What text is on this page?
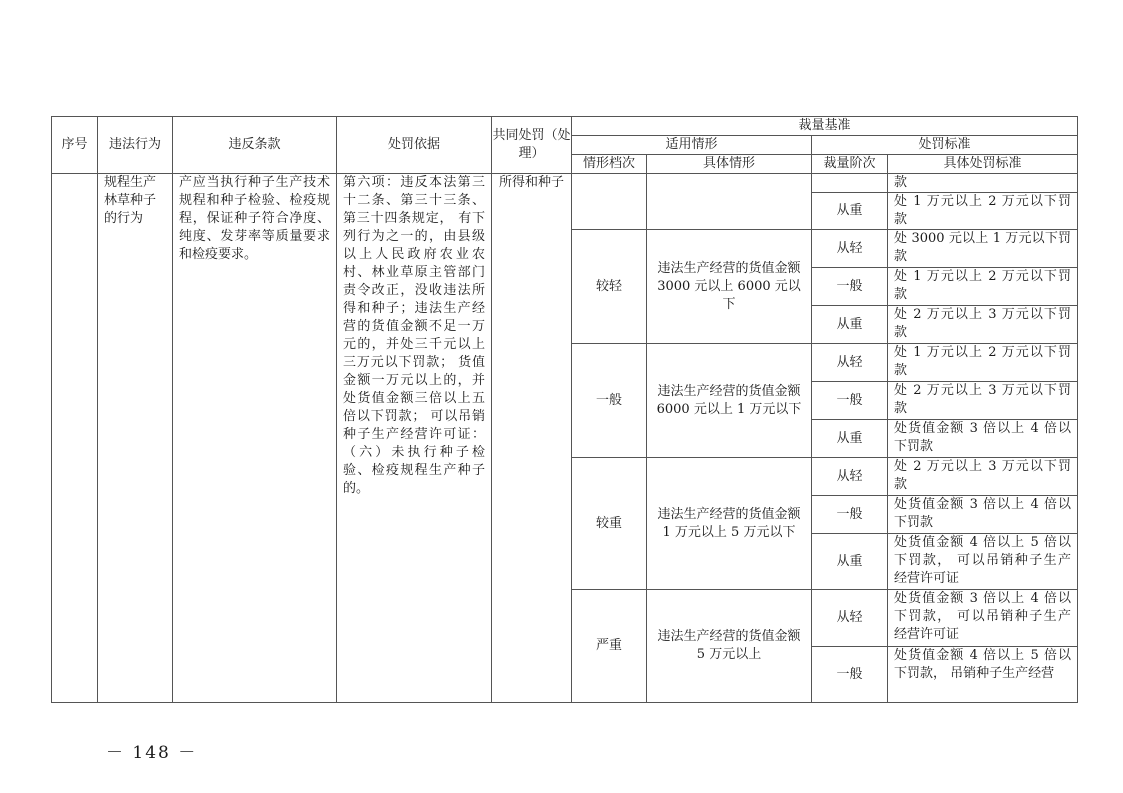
序号	违法行为	违反条款	处罚依据	共同处罚（处理）	裁量基准			
					适用情形		处罚标准	
					情形档次	具体情形	裁量阶次	具体处罚标准
	规程生产林草种子的行为	产应当执行种子生产技术规程和种子检验、检疫规程，保证种子符合净度、纯度、发芽率等质量要求和检疫要求。	第六项：违反本法第三十二条、第三十三条、第三十四条规定， 有下列行为之一的，由县级以上人民政府农业农村、林业草原主管部门责令改正，没收违法所得和种子；违法生产经营的货值金额不足一万元的，并处三千元以上三万元以下罚款； 货值金额一万元以上的，并处货值金额三倍以上五倍以下罚款； 可以吊销种子生产经营许可证：（六）未执行种子检验、检疫规程生产种子的。	所得和种子				款
							从重	处 1 万元以上 2 万元以下罚 款
					较轻	违法生产经营的货值金额 3000 元以上 6000 元以下	从轻	处 3000 元以上 1 万元以下罚 款
							一般	处 1 万元以上 2 万元以下罚 款
							从重	处 2 万元以上 3 万元以下罚 款
					一般	违法生产经营的货值金额 6000 元以上 1 万元以下	从轻	处 1 万元以上 2 万元以下罚 款
							一般	处 2 万元以上 3 万元以下罚 款
							从重	处货值金额 3 倍以上 4 倍以 下罚款
					较重	违法生产经营的货值金额 1 万元以上 5 万元以下	从轻	处 2 万元以上 3 万元以下罚 款
							一般	处货值金额 3 倍以上 4 倍以 下罚款
							从重	处货值金额 4 倍以上 5 倍以 下罚款， 可以吊销种子生产 经营许可证
					严重	违法生产经营的货值金额 5 万元以上	从轻	处货值金额 3 倍以上 4 倍以 下罚款， 可以吊销种子生产 经营许可证
							一般	处货值金额 4 倍以上 5 倍以 下罚款， 吊销种子生产经营
－ 148 －
